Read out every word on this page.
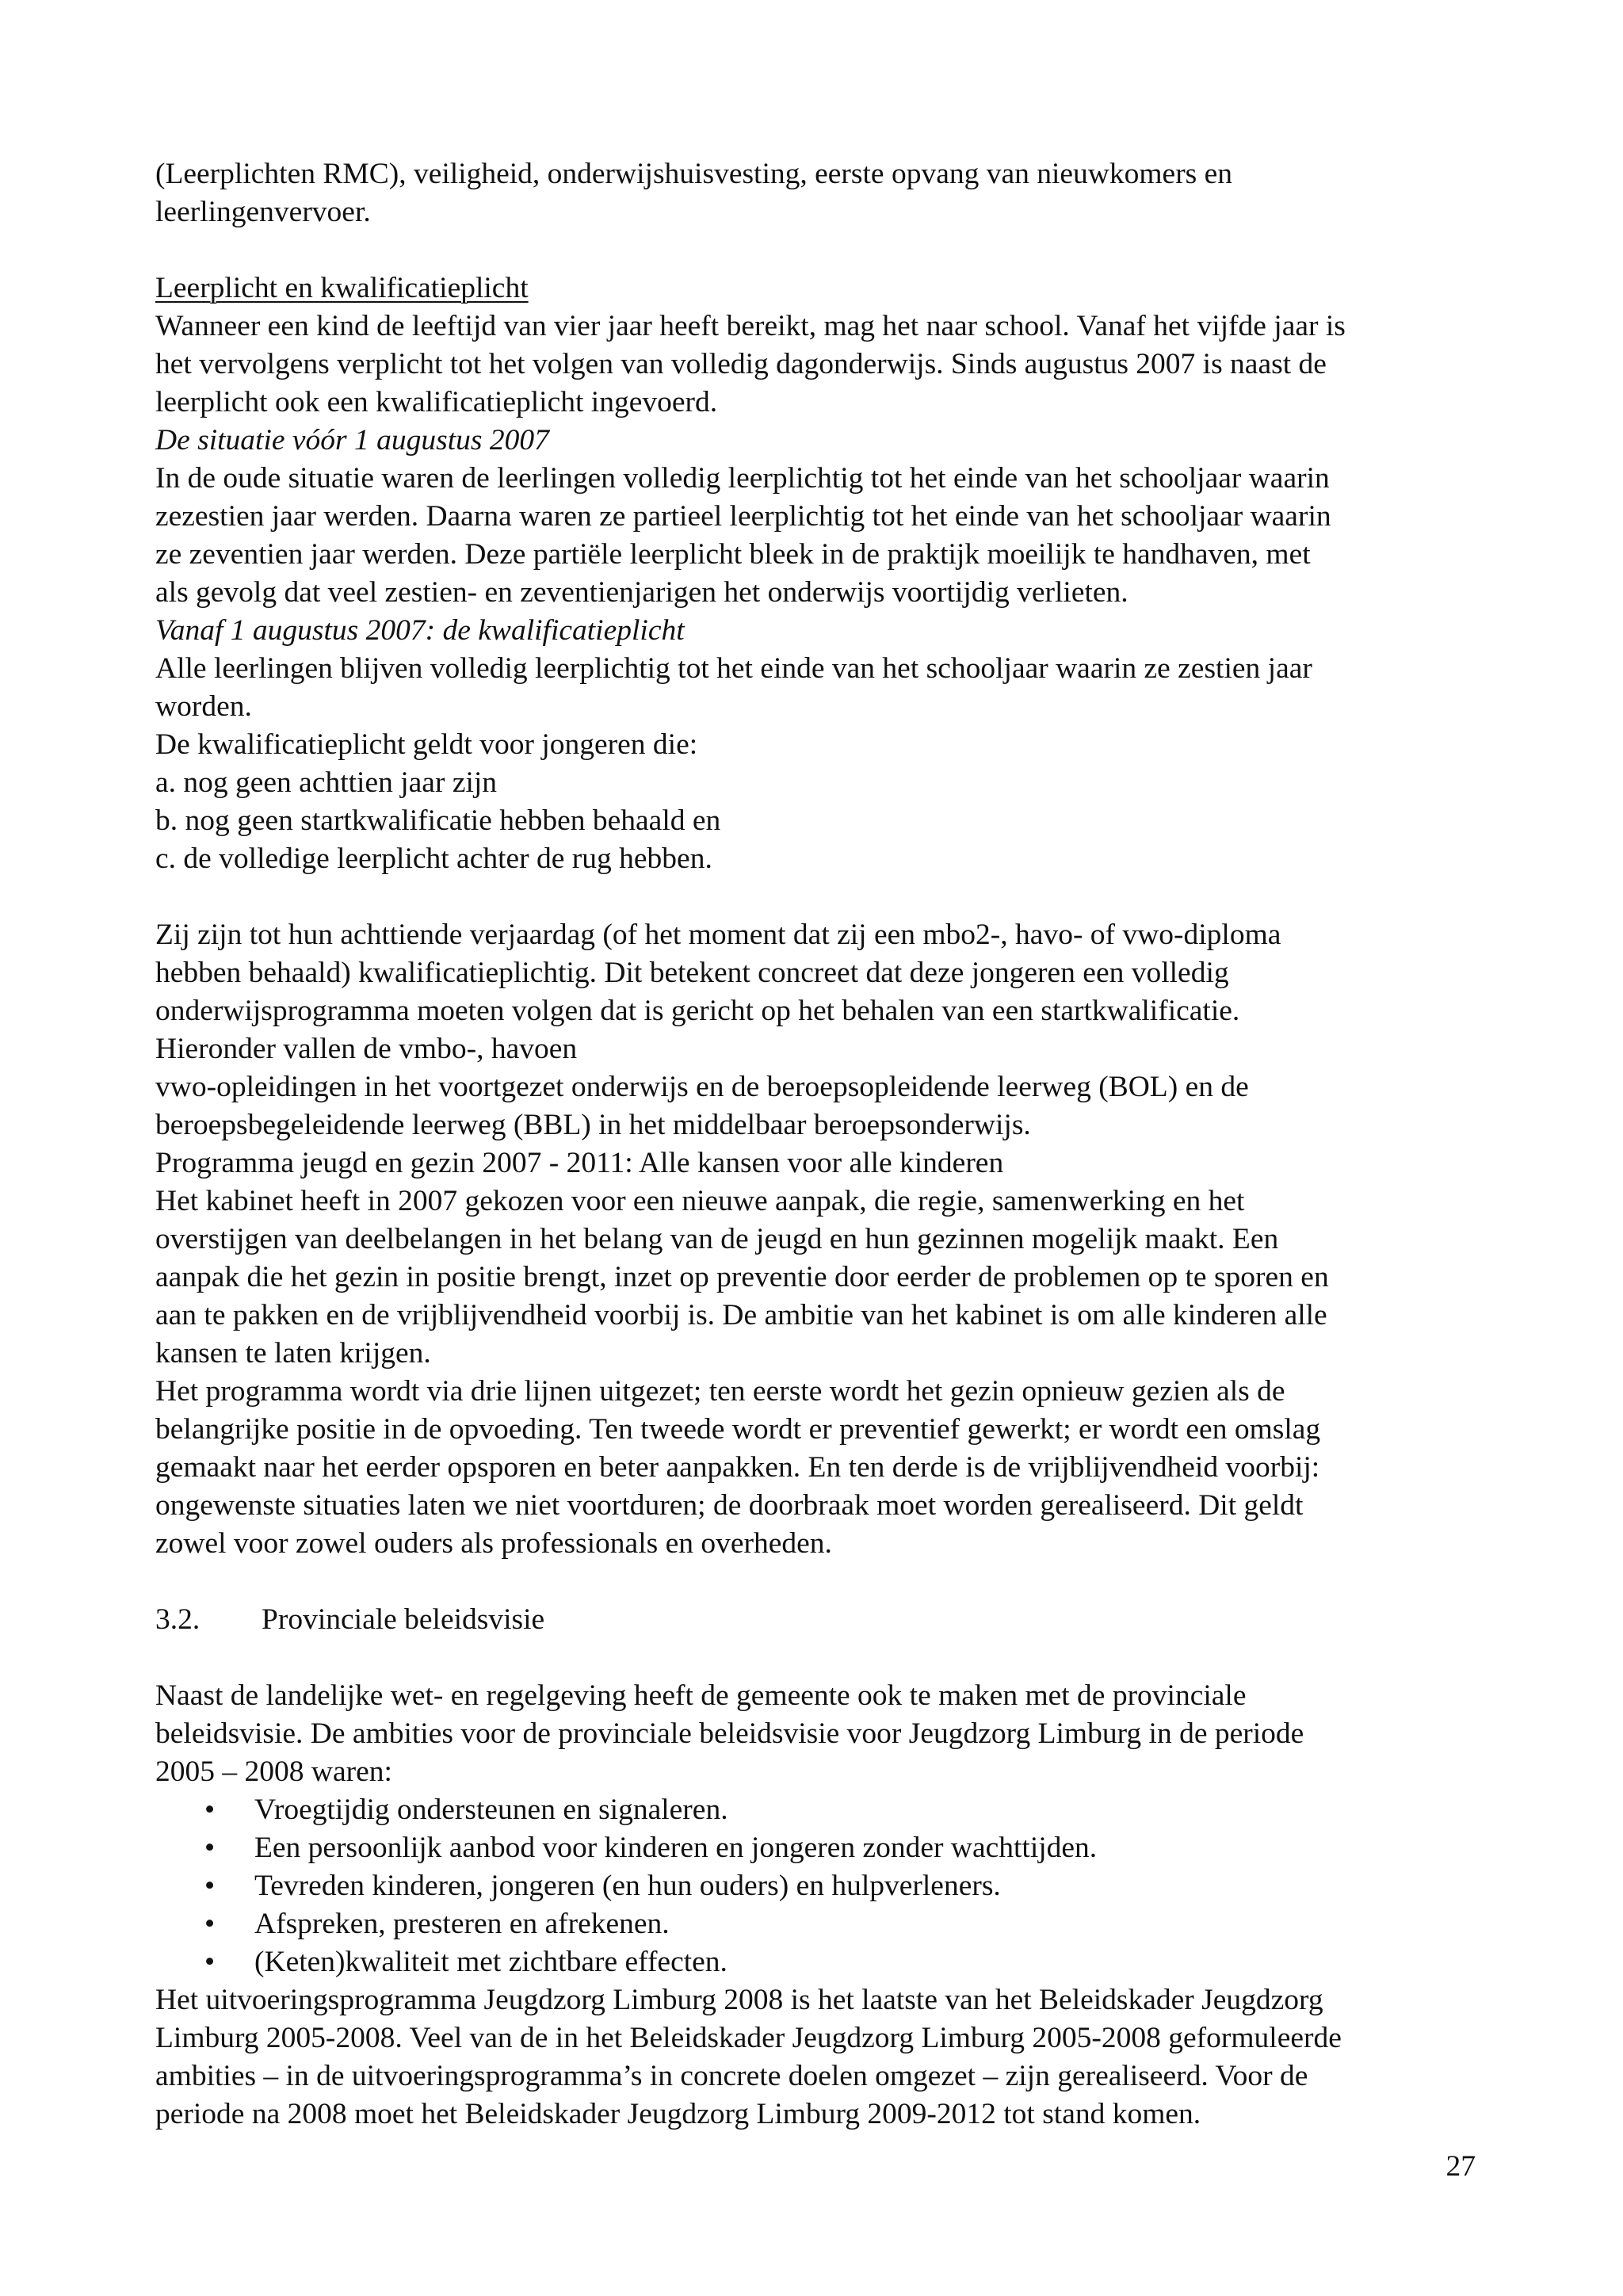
(Leerplichten RMC), veiligheid, onderwijshuisvesting, eerste opvang van nieuwkomers en
leerlingenvervoer.
Leerplicht en kwalificatieplicht
Wanneer een kind de leeftijd van vier jaar heeft bereikt, mag het naar school. Vanaf het vijfde jaar is
het vervolgens verplicht tot het volgen van volledig dagonderwijs. Sinds augustus 2007 is naast de
leerplicht ook een kwalificatieplicht ingevoerd.
De situatie vóór 1 augustus 2007
In de oude situatie waren de leerlingen volledig leerplichtig tot het einde van het schooljaar waarin
zezestien jaar werden. Daarna waren ze partieel leerplichtig tot het einde van het schooljaar waarin
ze zeventien jaar werden. Deze partiële leerplicht bleek in de praktijk moeilijk te handhaven, met
als gevolg dat veel zestien- en zeventienjarigen het onderwijs voortijdig verlieten.
Vanaf 1 augustus 2007: de kwalificatieplicht
Alle leerlingen blijven volledig leerplichtig tot het einde van het schooljaar waarin ze zestien jaar
worden.
De kwalificatieplicht geldt voor jongeren die:
a. nog geen achttien jaar zijn
b. nog geen startkwalificatie hebben behaald en
c. de volledige leerplicht achter de rug hebben.
Zij zijn tot hun achttiende verjaardag (of het moment dat zij een mbo2-, havo- of vwo-diploma
hebben behaald) kwalificatieplichtig. Dit betekent concreet dat deze jongeren een volledig
onderwijsprogramma moeten volgen dat is gericht op het behalen van een startkwalificatie.
Hieronder vallen de vmbo-, havoen
vwo-opleidingen in het voortgezet onderwijs en de beroepsopleidende leerweg (BOL) en de
beroepsbegeleidende leerweg (BBL) in het middelbaar beroepsonderwijs.
Programma jeugd en gezin 2007 - 2011: Alle kansen voor alle kinderen
Het kabinet heeft in 2007 gekozen voor een nieuwe aanpak, die regie, samenwerking en het
overstijgen van deelbelangen in het belang van de jeugd en hun gezinnen mogelijk maakt. Een
aanpak die het gezin in positie brengt, inzet op preventie door eerder de problemen op te sporen en
aan te pakken en de vrijblijvendheid voorbij is. De ambitie van het kabinet is om alle kinderen alle
kansen te laten krijgen.
Het programma wordt via drie lijnen uitgezet; ten eerste wordt het gezin opnieuw gezien als de
belangrijke positie in de opvoeding. Ten tweede wordt er preventief gewerkt; er wordt een omslag
gemaakt naar het eerder opsporen en beter aanpakken. En ten derde is de vrijblijvendheid voorbij:
ongewenste situaties laten we niet voortduren; de doorbraak moet worden gerealiseerd. Dit geldt
zowel voor zowel ouders als professionals en overheden.
3.2. Provinciale beleidsvisie
Naast de landelijke wet- en regelgeving heeft de gemeente ook te maken met de provinciale
beleidsvisie. De ambities voor de provinciale beleidsvisie voor Jeugdzorg Limburg in de periode
2005 – 2008 waren:
• Vroegtijdig ondersteunen en signaleren.
• Een persoonlijk aanbod voor kinderen en jongeren zonder wachttijden.
• Tevreden kinderen, jongeren (en hun ouders) en hulpverleners.
• Afspreken, presteren en afrekenen.
• (Keten)kwaliteit met zichtbare effecten.
Het uitvoeringsprogramma Jeugdzorg Limburg 2008 is het laatste van het Beleidskader Jeugdzorg
Limburg 2005-2008. Veel van de in het Beleidskader Jeugdzorg Limburg 2005-2008 geformuleerde
ambities – in de uitvoeringsprogramma’s in concrete doelen omgezet – zijn gerealiseerd. Voor de
periode na 2008 moet het Beleidskader Jeugdzorg Limburg 2009-2012 tot stand komen.
27
